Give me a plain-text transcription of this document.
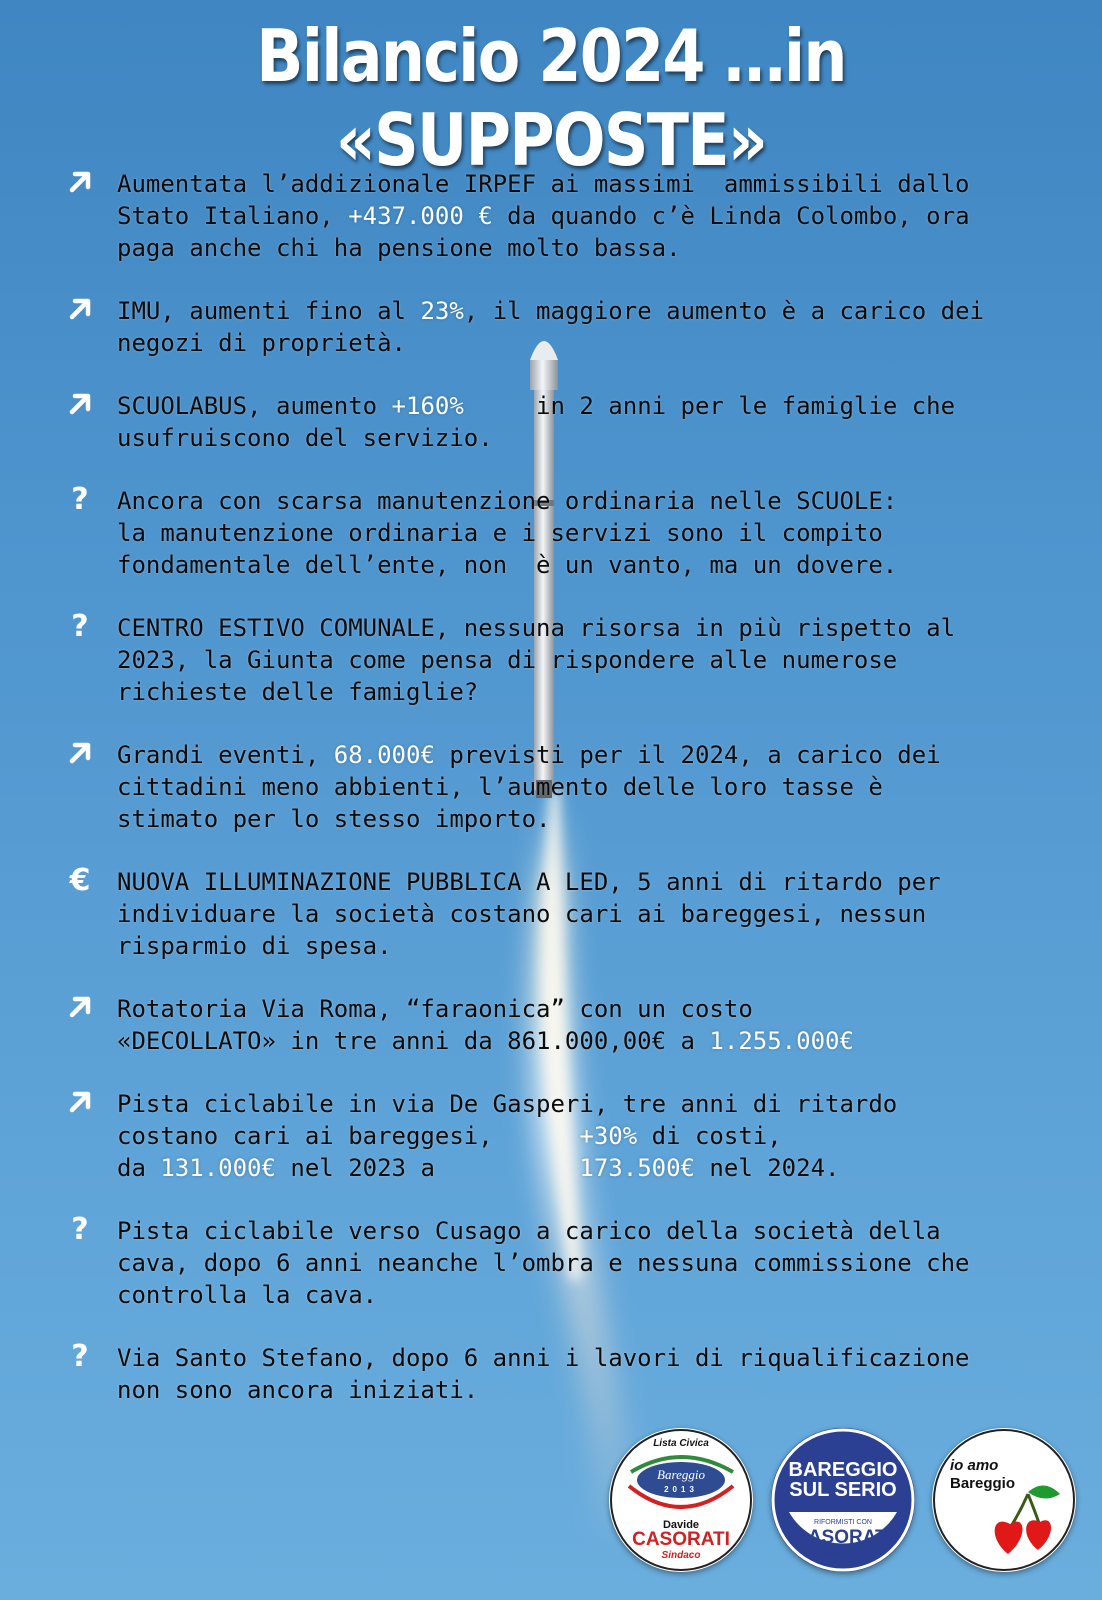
Bilancio 2024 …in «SUPPOSTE»
Aumentata l’addizionale IRPEF ai massimi  ammissibili dallo
Stato Italiano, +437.000 € da quando c’è Linda Colombo, ora
paga anche chi ha pensione molto bassa.
IMU, aumenti fino al 23%, il maggiore aumento è a carico dei
negozi di proprietà.
SCUOLABUS, aumento +160%     in 2 anni per le famiglie che
usufruiscono del servizio.
?	Ancora con scarsa manutenzione ordinaria nelle SCUOLE:
la manutenzione ordinaria e i servizi sono il compito
fondamentale dell’ente, non  è un vanto, ma un dovere.
?	CENTRO ESTIVO COMUNALE, nessuna risorsa in più rispetto al
2023, la Giunta come pensa di rispondere alle numerose
richieste delle famiglie?
Grandi eventi, 68.000€ previsti per il 2024, a carico dei
cittadini meno abbienti, l’aumento delle loro tasse è
stimato per lo stesso importo.
€ NUOVA ILLUMINAZIONE PUBBLICA A LED, 5 anni di ritardo per
individuare la società costano cari ai bareggesi, nessun
risparmio di spesa.
Rotatoria Via Roma, “faraonica” con un costo
«DECOLLATO» in tre anni da 861.000,00€ a 1.255.000€
Pista ciclabile in via De Gasperi, tre anni di ritardo
costano cari ai bareggesi,      +30% di costi,
da 131.000€ nel 2023 a          173.500€ nel 2024.
?	Pista ciclabile verso Cusago a carico della società della
cava, dopo 6 anni neanche l’ombra e nessuna commissione che
controlla la cava.
?	Via Santo Stefano, dopo 6 anni i lavori di riqualificazione
non sono ancora iniziati.
Lista Civica
Bareggio
2013
Davide
CASORATI
Sindaco
BAREGGIO
SUL SERIO
RIFORMISTI CON
CASORATI
SINDACO
io amo
Bareggio
